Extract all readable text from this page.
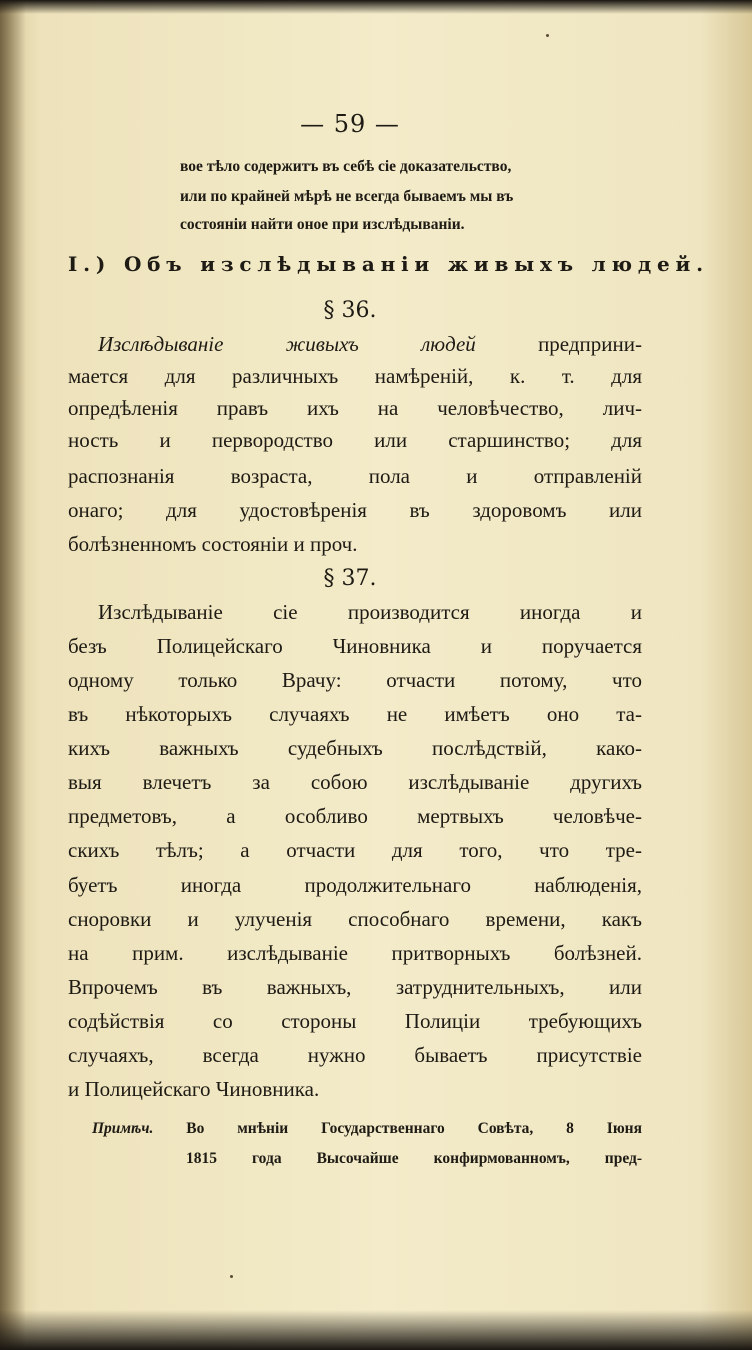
— 59 —
вое тѣло содержитъ въ себѣ сіе доказательство,
или по крайней мѣрѣ не всегда бываемъ мы въ
состояніи найти оное при изслѣдываніи.
I.) Объ изслѣдываніи живыхъ людей.
§ 36.
Изслѣдываніе живыхъ людей предприни-
мается для различныхъ намѣреній, к. т. для
опредѣленія правъ ихъ на человѣчество, лич-
ность и первородство или старшинство; для
распознанія возраста, пола и отправленій
онаго; для удостовѣренія въ здоровомъ или
болѣзненномъ состояніи и проч.
§ 37.
Изслѣдываніе сіе производится иногда и
безъ Полицейскаго Чиновника и поручается
одному только Врачу: отчасти потому, что
въ нѣкоторыхъ случаяхъ не имѣетъ оно та-
кихъ важныхъ судебныхъ послѣдствій, како-
выя влечетъ за собою изслѣдываніе другихъ
предметовъ, а особливо мертвыхъ человѣче-
скихъ тѣлъ; а отчасти для того, что тре-
буетъ иногда продолжительнаго наблюденія,
сноровки и улученія способнаго времени, какъ
на прим. изслѣдываніе притворныхъ болѣзней.
Впрочемъ въ важныхъ, затруднительныхъ, или
содѣйствія со стороны Полиціи требующихъ
случаяхъ, всегда нужно бываетъ присутствіе
и Полицейскаго Чиновника.
Примѣч. Во мнѣніи Государственнаго Совѣта, 8 Іюня
1815 года Высочайше конфирмованномъ, пред-
